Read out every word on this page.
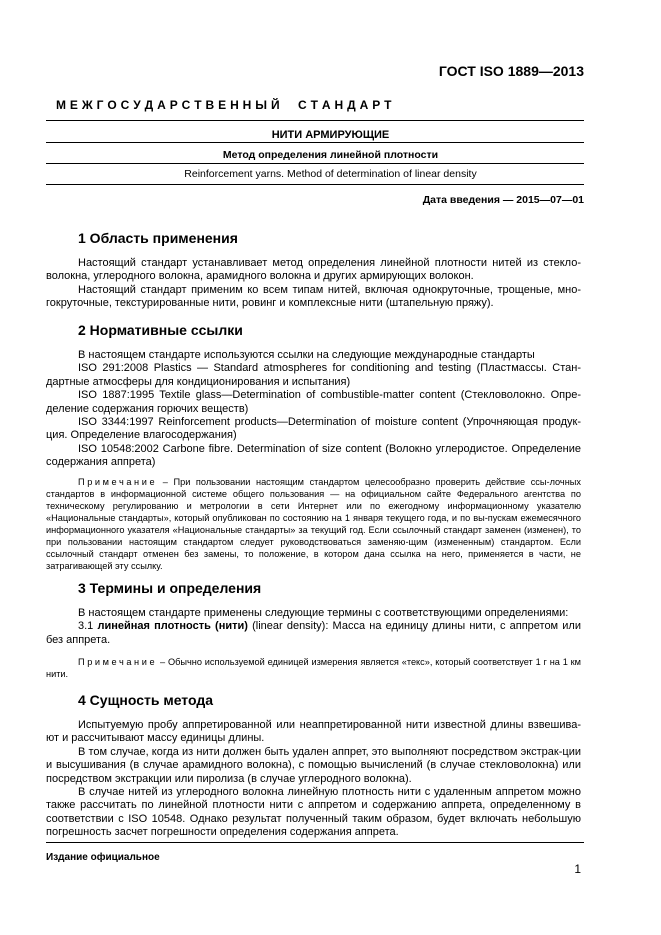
ГОСТ ISO 1889—2013
М Е Ж Г О С У Д А Р С Т В Е Н Н Ы Й     С Т А Н Д А Р Т
НИТИ АРМИРУЮЩИЕ
Метод определения линейной плотности
Reinforcement yarns. Method of determination of linear density
Дата введения — 2015—07—01
1 Область применения

Настоящий стандарт устанавливает метод определения линейной плотности нитей из стекло-волокна, углеродного волокна, арамидного волокна и других армирующих волокон.

Настоящий стандарт применим ко всем типам нитей, включая однокруточные, трощеные, мно-гокруточные, текстурированные нити, ровинг и комплексные нити (штапельную пряжу).

2 Нормативные ссылки

В настоящем стандарте используются ссылки на следующие международные стандарты

ISO 291:2008 Plastics — Standard atmospheres for conditioning and testing (Пластмассы. Стан-дартные атмосферы для кондиционирования и испытания)

ISO 1887:1995 Textile glass—Determination of combustible-matter content (Стекловолокно. Опре-деление содержания горючих веществ)

ISO 3344:1997 Reinforcement products—Determination of moisture content (Упрочняющая продук-ция. Определение влагосодержания)

ISO 10548:2002 Carbone fibre. Determination of size content (Волокно углеродистое. Определение содержания аппрета)

Примечание – При пользовании настоящим стандартом целесообразно проверить действие ссы-лочных стандартов в информационной системе общего пользования — на официальном сайте Федерального агентства по техническому регулированию и метрологии в сети Интернет или по ежегодному информационному указателю «Национальные стандарты», который опубликован по состоянию на 1 января текущего года, и по вы-пускам ежемесячного информационного указателя «Национальные стандарты» за текущий год. Если ссылочный стандарт заменен (изменен), то при пользовании настоящим стандартом следует руководствоваться заменяю-щим (измененным) стандартом. Если ссылочный стандарт отменен без замены, то положение, в котором дана ссылка на него, применяется в части, не затрагивающей эту ссылку.

3 Термины и определения

В настоящем стандарте применены следующие термины с соответствующими определениями:

3.1 линейная плотность (нити) (linear density): Масса на единицу длины нити, с аппретом или без аппрета.

Примечание – Обычно используемой единицей измерения является «текс», который соответствует 1 г на 1 км нити.

4 Сущность метода

Испытуемую пробу аппретированной или неаппретированной нити известной длины взвешива-ют и рассчитывают массу единицы длины.

В том случае, когда из нити должен быть удален аппрет, это выполняют посредством экстрак-ции и высушивания (в случае арамидного волокна), с помощью вычислений (в случае стекловолокна) или посредством экстракции или пиролиза (в случае углеродного волокна).

В случае нитей из углеродного волокна линейную плотность нити с удаленным аппретом можно также рассчитать по линейной плотности нити с аппретом и содержанию аппрета, определенному в соответствии с ISO 10548. Однако результат полученный таким образом, будет включать небольшую погрешность засчет погрешности определения содержания аппрета.

Издание официальное
1
